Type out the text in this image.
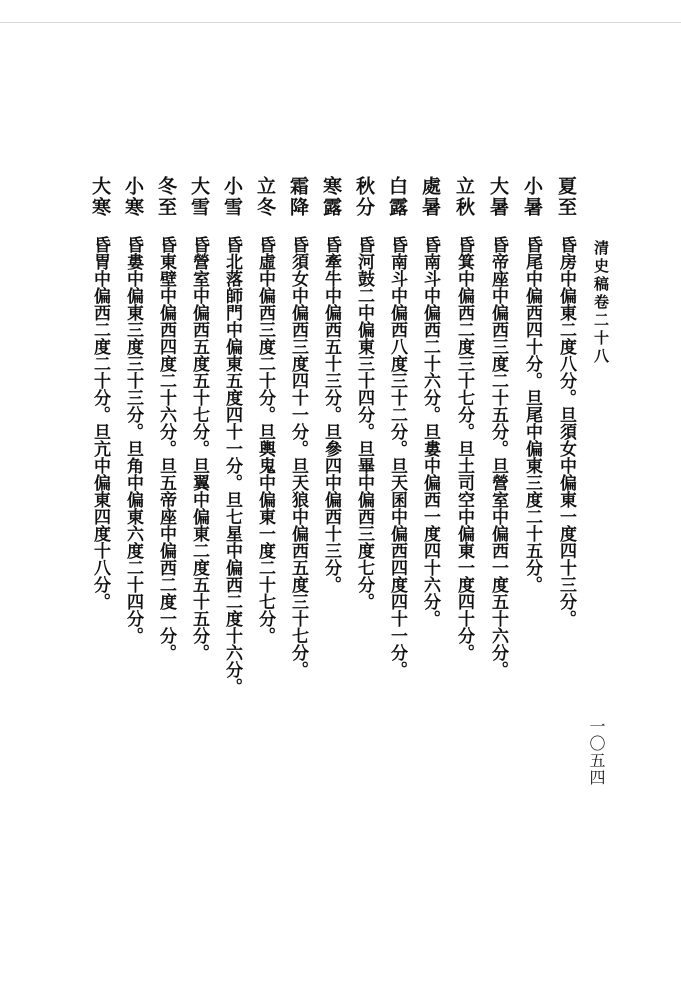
清史稿卷二十八
一〇五四
夏至
昏房中偏東二度八分。旦須女中偏東一度四十三分。
小暑
昏尾中偏西四十分。旦尾中偏東三度二十五分。
大暑
昏帝座中偏西三度二十五分。旦營室中偏西一度五十六分。
立秋
昏箕中偏西二度三十七分。旦土司空中偏東一度四十分。
處暑
昏南斗中偏西二十六分。旦婁中偏西一度四十六分。
白露
昏南斗中偏西八度三十二分。旦天囷中偏西四度四十一分。
秋分
昏河鼓二中偏東三十四分。旦畢中偏西三度七分。
寒露
昏牽牛中偏西五十三分。旦參四中偏西十三分。
霜降
昏須女中偏西三度四十一分。旦天狼中偏西五度三十七分。
立冬
昏虛中偏西三度二十分。旦輿鬼中偏東一度二十七分。
小雪
昏北落師門中偏東五度四十一分。旦七星中偏西二度十六分。
大雪
昏營室中偏西五度五十七分。旦翼中偏東二度五十五分。
冬至
昏東壁中偏西四度二十六分。旦五帝座中偏西二度一分。
小寒
昏婁中偏東三度三十三分。旦角中偏東六度二十四分。
大寒
昏胃中偏西二度二十分。旦亢中偏東四度十八分。
